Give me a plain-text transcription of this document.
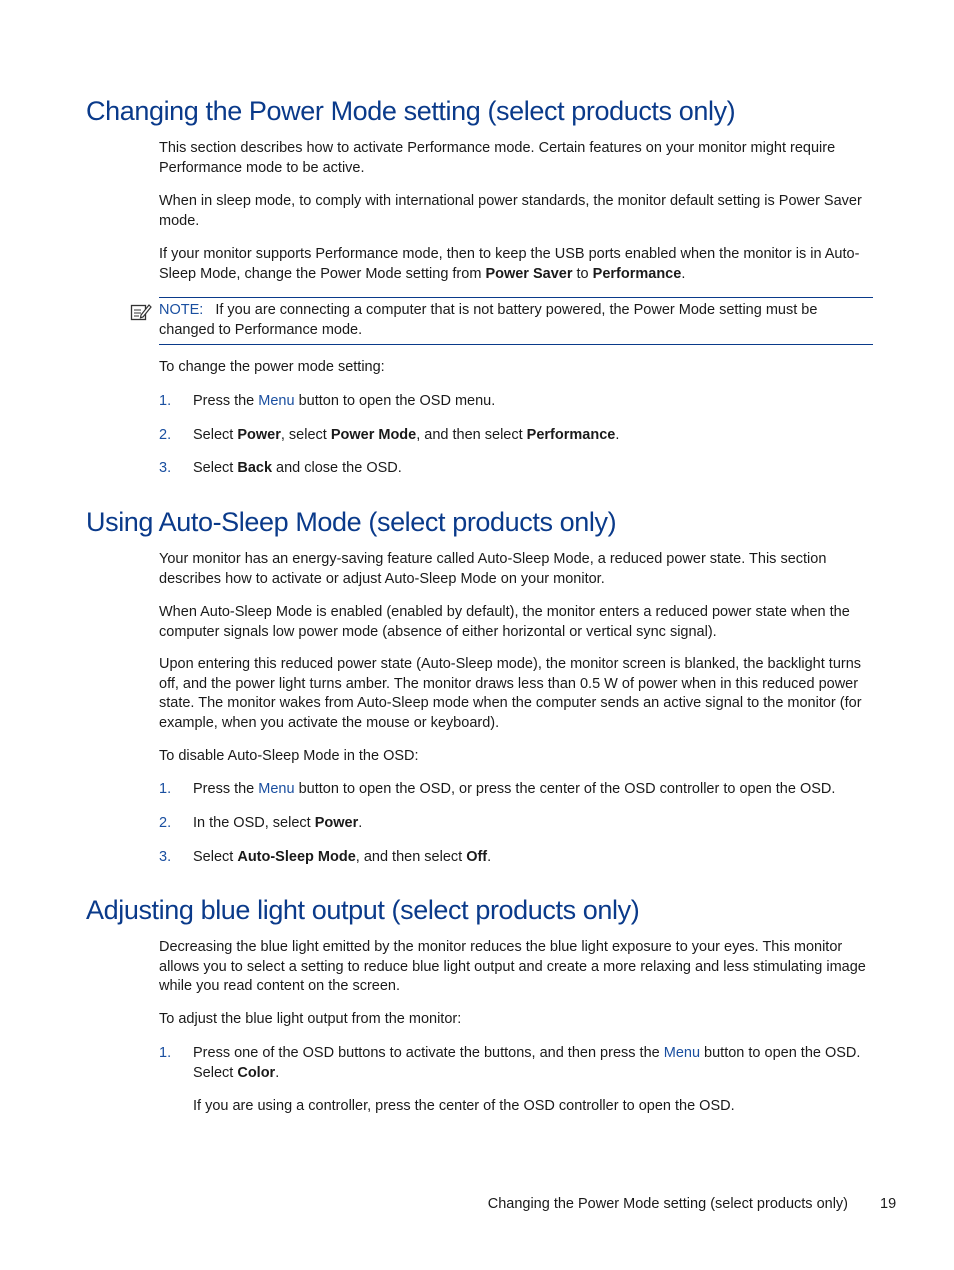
Changing the Power Mode setting (select products only)

This section describes how to activate Performance mode. Certain features on your monitor might require Performance mode to be active.

When in sleep mode, to comply with international power standards, the monitor default setting is Power Saver mode.

If your monitor supports Performance mode, then to keep the USB ports enabled when the monitor is in Auto-Sleep Mode, change the Power Mode setting from Power Saver to Performance.

NOTE: If you are connecting a computer that is not battery powered, the Power Mode setting must be changed to Performance mode.

To change the power mode setting:

1. Press the Menu button to open the OSD menu.
2. Select Power, select Power Mode, and then select Performance.
3. Select Back and close the OSD.
Using Auto-Sleep Mode (select products only)

Your monitor has an energy-saving feature called Auto-Sleep Mode, a reduced power state. This section describes how to activate or adjust Auto-Sleep Mode on your monitor.

When Auto-Sleep Mode is enabled (enabled by default), the monitor enters a reduced power state when the computer signals low power mode (absence of either horizontal or vertical sync signal).

Upon entering this reduced power state (Auto-Sleep mode), the monitor screen is blanked, the backlight turns off, and the power light turns amber. The monitor draws less than 0.5 W of power when in this reduced power state. The monitor wakes from Auto-Sleep mode when the computer sends an active signal to the monitor (for example, when you activate the mouse or keyboard).

To disable Auto-Sleep Mode in the OSD:

1. Press the Menu button to open the OSD, or press the center of the OSD controller to open the OSD.
2. In the OSD, select Power.
3. Select Auto-Sleep Mode, and then select Off.
Adjusting blue light output (select products only)

Decreasing the blue light emitted by the monitor reduces the blue light exposure to your eyes. This monitor allows you to select a setting to reduce blue light output and create a more relaxing and less stimulating image while you read content on the screen.

To adjust the blue light output from the monitor:

1. Press one of the OSD buttons to activate the buttons, and then press the Menu button to open the OSD. Select Color.

If you are using a controller, press the center of the OSD controller to open the OSD.

Changing the Power Mode setting (select products only) 19
